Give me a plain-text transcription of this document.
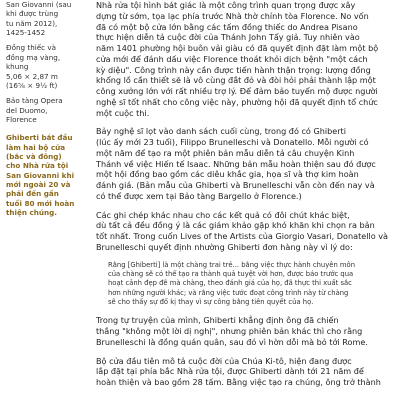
San Giovanni (sau

khi được trùng

tu năm 2012),

1425-1452

Đồng thiếc và

đồng mạ vàng,

khung

5,06 × 2,87 m

(16⅝ × 9½ ft)

Bảo tàng Opera

del Duomo,

Florence

Ghiberti bắt đầu

làm hai bộ cửa

(bắc và đông)

cho Nhà rửa tội

San Giovanni khi

mới ngoài 20 và

phải đến gần

tuổi 80 mới hoàn

thiện chúng.

Nhà rửa tội hình bát giác là một công trình quan trọng được xây
dựng từ sớm, tọa lạc phía trước Nhà thờ chính tòa Florence. No vốn
đã có một bộ cửa lớn bằng các tấm đồng thiếc do Andrea Pisano
thực hiện diễn tả cuộc đời của Thánh John Tẩy giả. Tuy nhiên vào
năm 1401 phường hội buôn vải giàu có đã quyết định đặt làm một bộ
cửa mới để đánh dấu việc Florence thoát khỏi dịch bệnh "một cách
kỳ diệu". Công trình này cần được tiến hành thận trọng: lượng đồng
khổng lồ cần thiết sẽ là vô cùng đắt đỏ và đòi hỏi phải thành lập một
công xưởng lớn với rất nhiều trợ lý. Để đảm bảo tuyển mộ được người
nghệ sĩ tốt nhất cho công việc này, phường hội đã quyết định tổ chức
một cuộc thi.
Bảy nghệ sĩ lọt vào danh sách cuối cùng, trong đó có Ghiberti
(lúc ấy mới 23 tuổi), Filippo Brunelleschi và Donatello. Mỗi người có
một năm để tạo ra một phiên bản mẫu diễn tả câu chuyện Kinh
Thánh về việc Hiến tế Isaac. Những bản mẫu hoàn thiện sau đó được
một hội đồng bao gồm các diêu khắc gia, họa sĩ và thợ kim hoàn
đánh giá. (Bản mẫu của Ghiberti và Brunelleschi vẫn còn đến nay và
có thể được xem tại Bảo tàng Bargello ở Florence.)
Các ghi chép khác nhau cho các kết quả có đôi chút khác biệt,
dù tất cả đều đồng ý là các giám khảo gặp khó khăn khi chọn ra bản
tốt nhất. Trong cuốn Lives of the Artists của Giorgio Vasari, Donatello và
Brunelleschi quyết định nhường Ghiberti đơn hàng này vì lý do:
Rằng [Ghiberti] là một chàng trai trẻ... bằng việc thực hành chuyên môn
của chàng sẽ có thể tạo ra thành quả tuyệt vời hơn, được báo trước qua
hoạt cảnh đẹp đẽ mà chàng, theo đánh giá của họ, đã thực thi xuất sắc
hơn những người khác; và rằng việc tước đoạt công trình này từ chàng
sẽ cho thấy sự đố kị thay vì sự công bằng tiên quyết của họ.
Trong tự truyện của mình, Ghiberti khẳng định ông đã chiến
thắng "không một lời dị nghị", nhưng phiên bản khác thì cho rằng
Brunelleschi là đồng quán quân, sau đó vì hờn dỗi mà bỏ tới Rome.
Bộ cửa đầu tiên mô tả cuộc đời của Chúa Ki-tô, hiện đang được
lắp đặt tại phía bắc Nhà rửa tội, được Ghiberti dành tới 21 năm để
hoàn thiện và bao gồm 28 tấm. Bằng việc tạo ra chúng, ông trở thành
